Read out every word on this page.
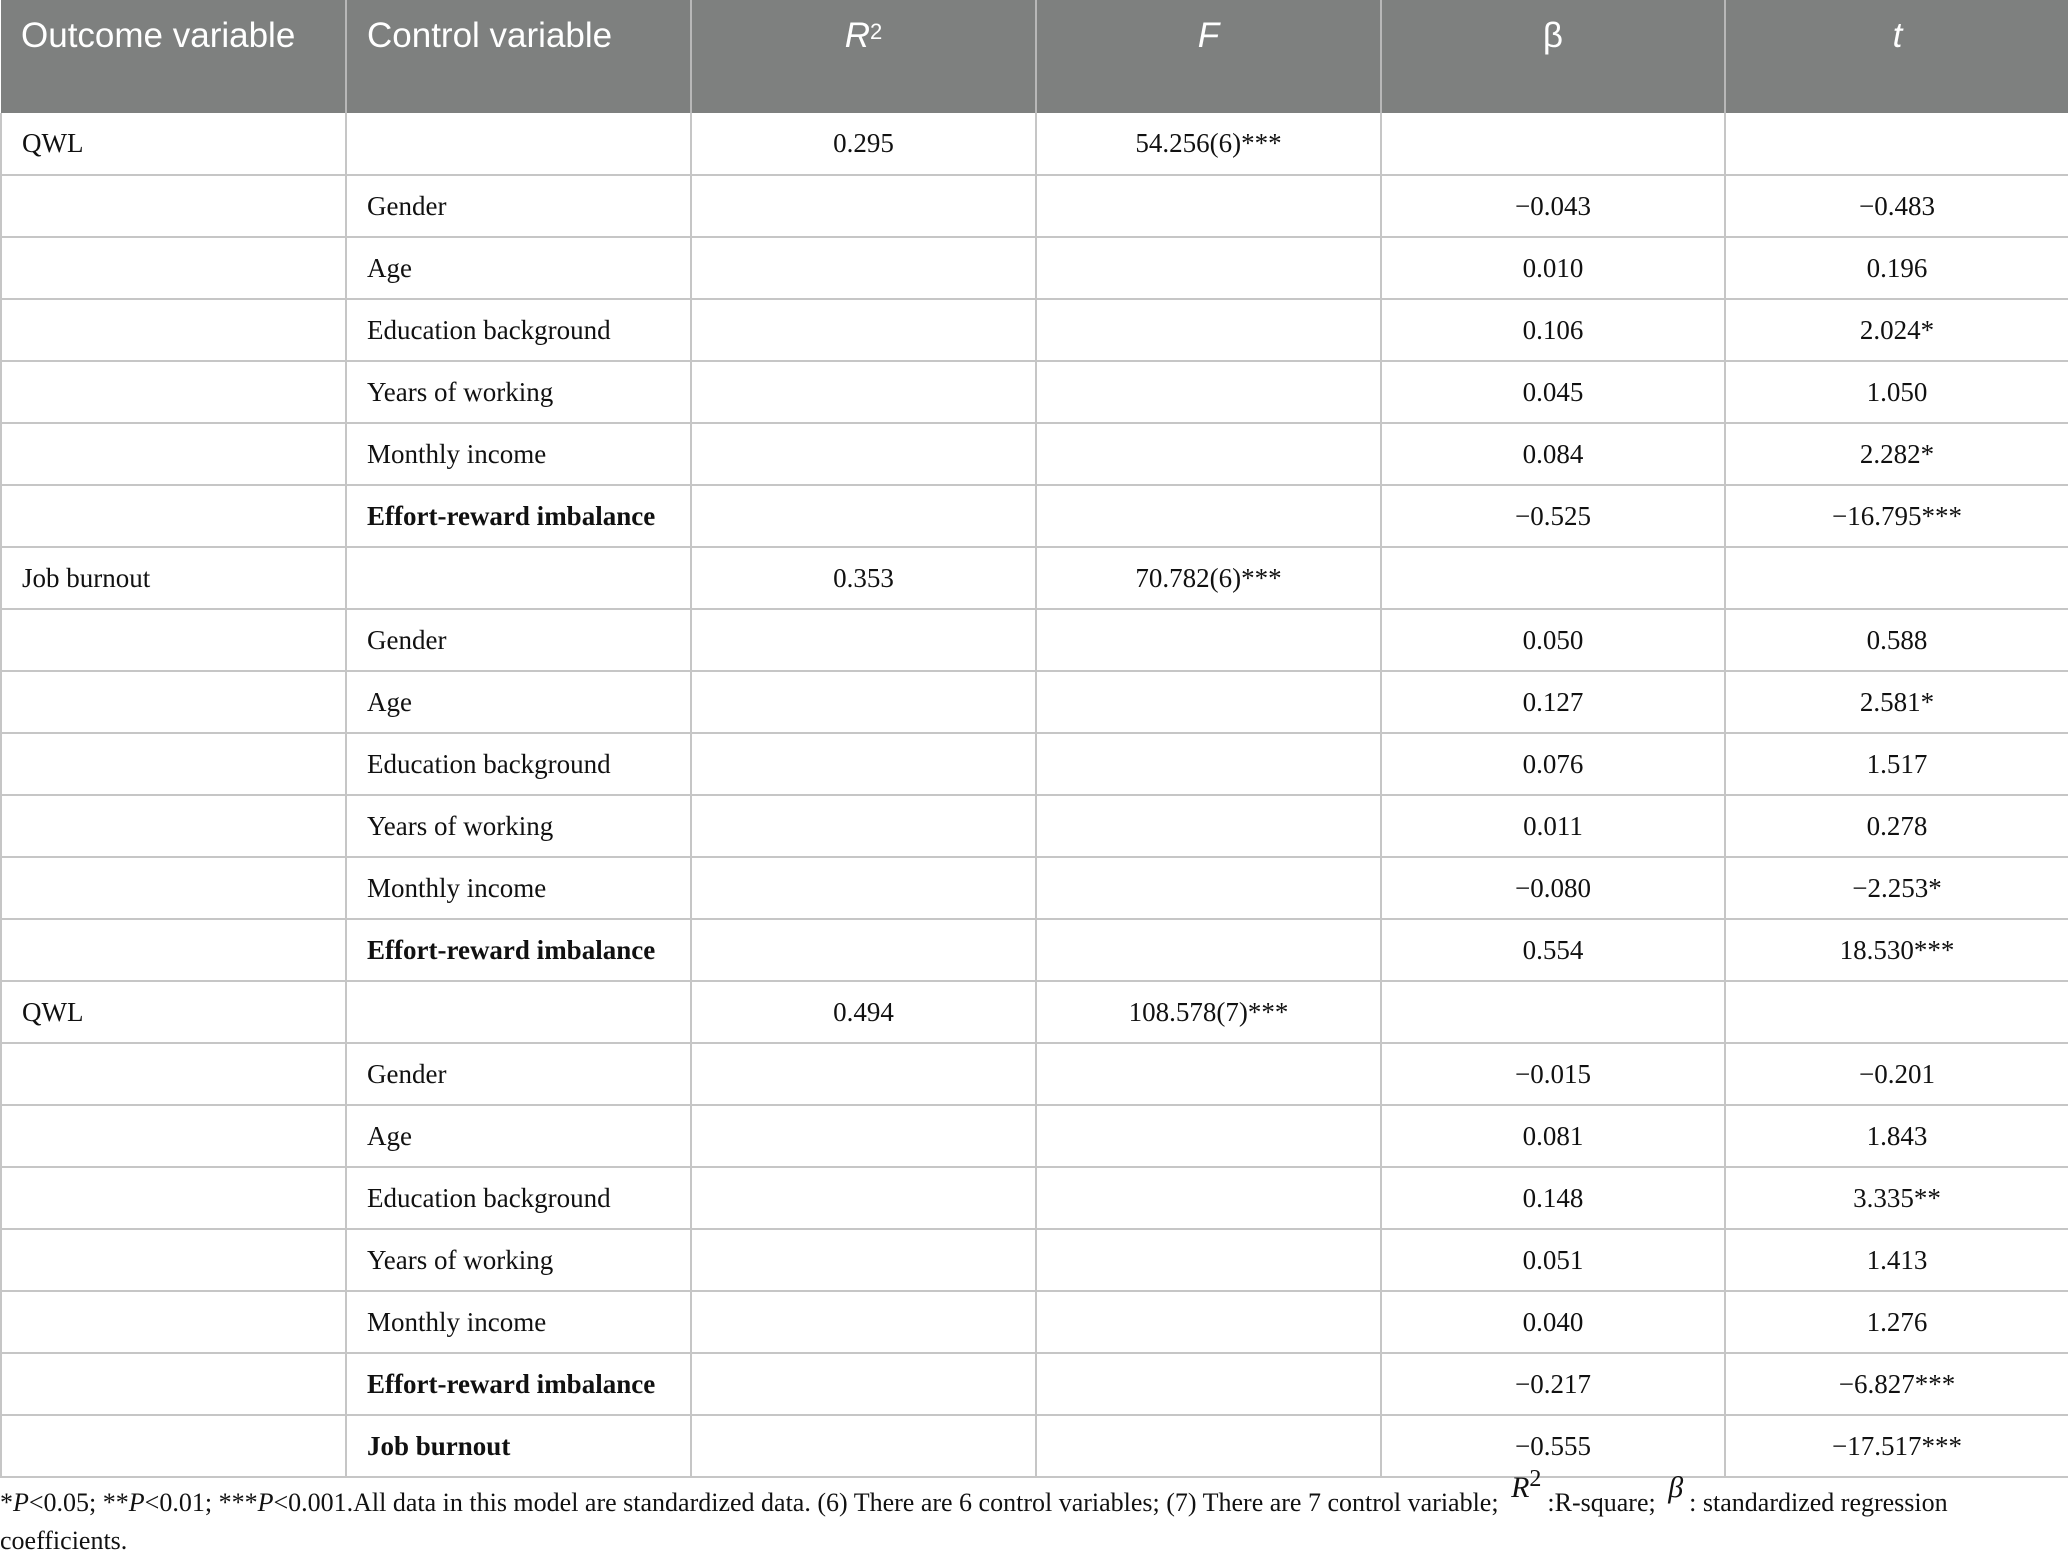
Outcome variable	Control variable	$R^2$	F	β	t
QWL		0.295	54.256(6)***		
	Gender			−0.043	−0.483
	Age			0.010	0.196
	Education background			0.106	2.024*
	Years of working			0.045	1.050
	Monthly income			0.084	2.282*
	Effort-reward imbalance			−0.525	−16.795***
Job burnout		0.353	70.782(6)***		
	Gender			0.050	0.588
	Age			0.127	2.581*
	Education background			0.076	1.517
	Years of working			0.011	0.278
	Monthly income			−0.080	−2.253*
	Effort-reward imbalance			0.554	18.530***
QWL		0.494	108.578(7)***		
	Gender			−0.015	−0.201
	Age			0.081	1.843
	Education background			0.148	3.335**
	Years of working			0.051	1.413
	Monthly income			0.040	1.276
	Effort-reward imbalance			−0.217	−6.827***
	Job burnout			−0.555	−17.517***
*P<0.05; **P<0.01; ***P<0.001.All data in this model are standardized data. (6) There are 6 control variables; (7) There are 7 control variable; $R^2:R$-square; β : standardized regression coefficients.
